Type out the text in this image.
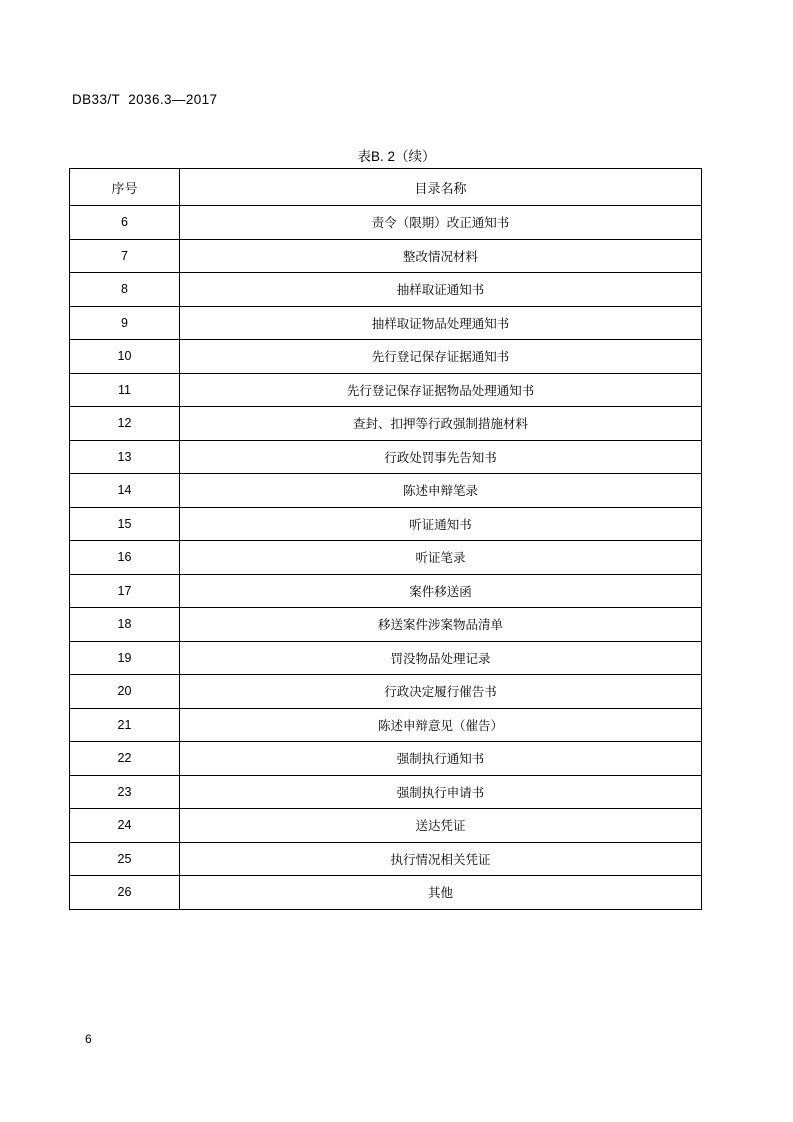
DB33/T  2036.3—2017
表B. 2（续）
序号	目录名称
6	责令（限期）改正通知书
7	整改情况材料
8	抽样取证通知书
9	抽样取证物品处理通知书
10	先行登记保存证据通知书
11	先行登记保存证据物品处理通知书
12	查封、扣押等行政强制措施材料
13	行政处罚事先告知书
14	陈述申辩笔录
15	听证通知书
16	听证笔录
17	案件移送函
18	移送案件涉案物品清单
19	罚没物品处理记录
20	行政决定履行催告书
21	陈述申辩意见（催告）
22	强制执行通知书
23	强制执行申请书
24	送达凭证
25	执行情况相关凭证
26	其他
6
